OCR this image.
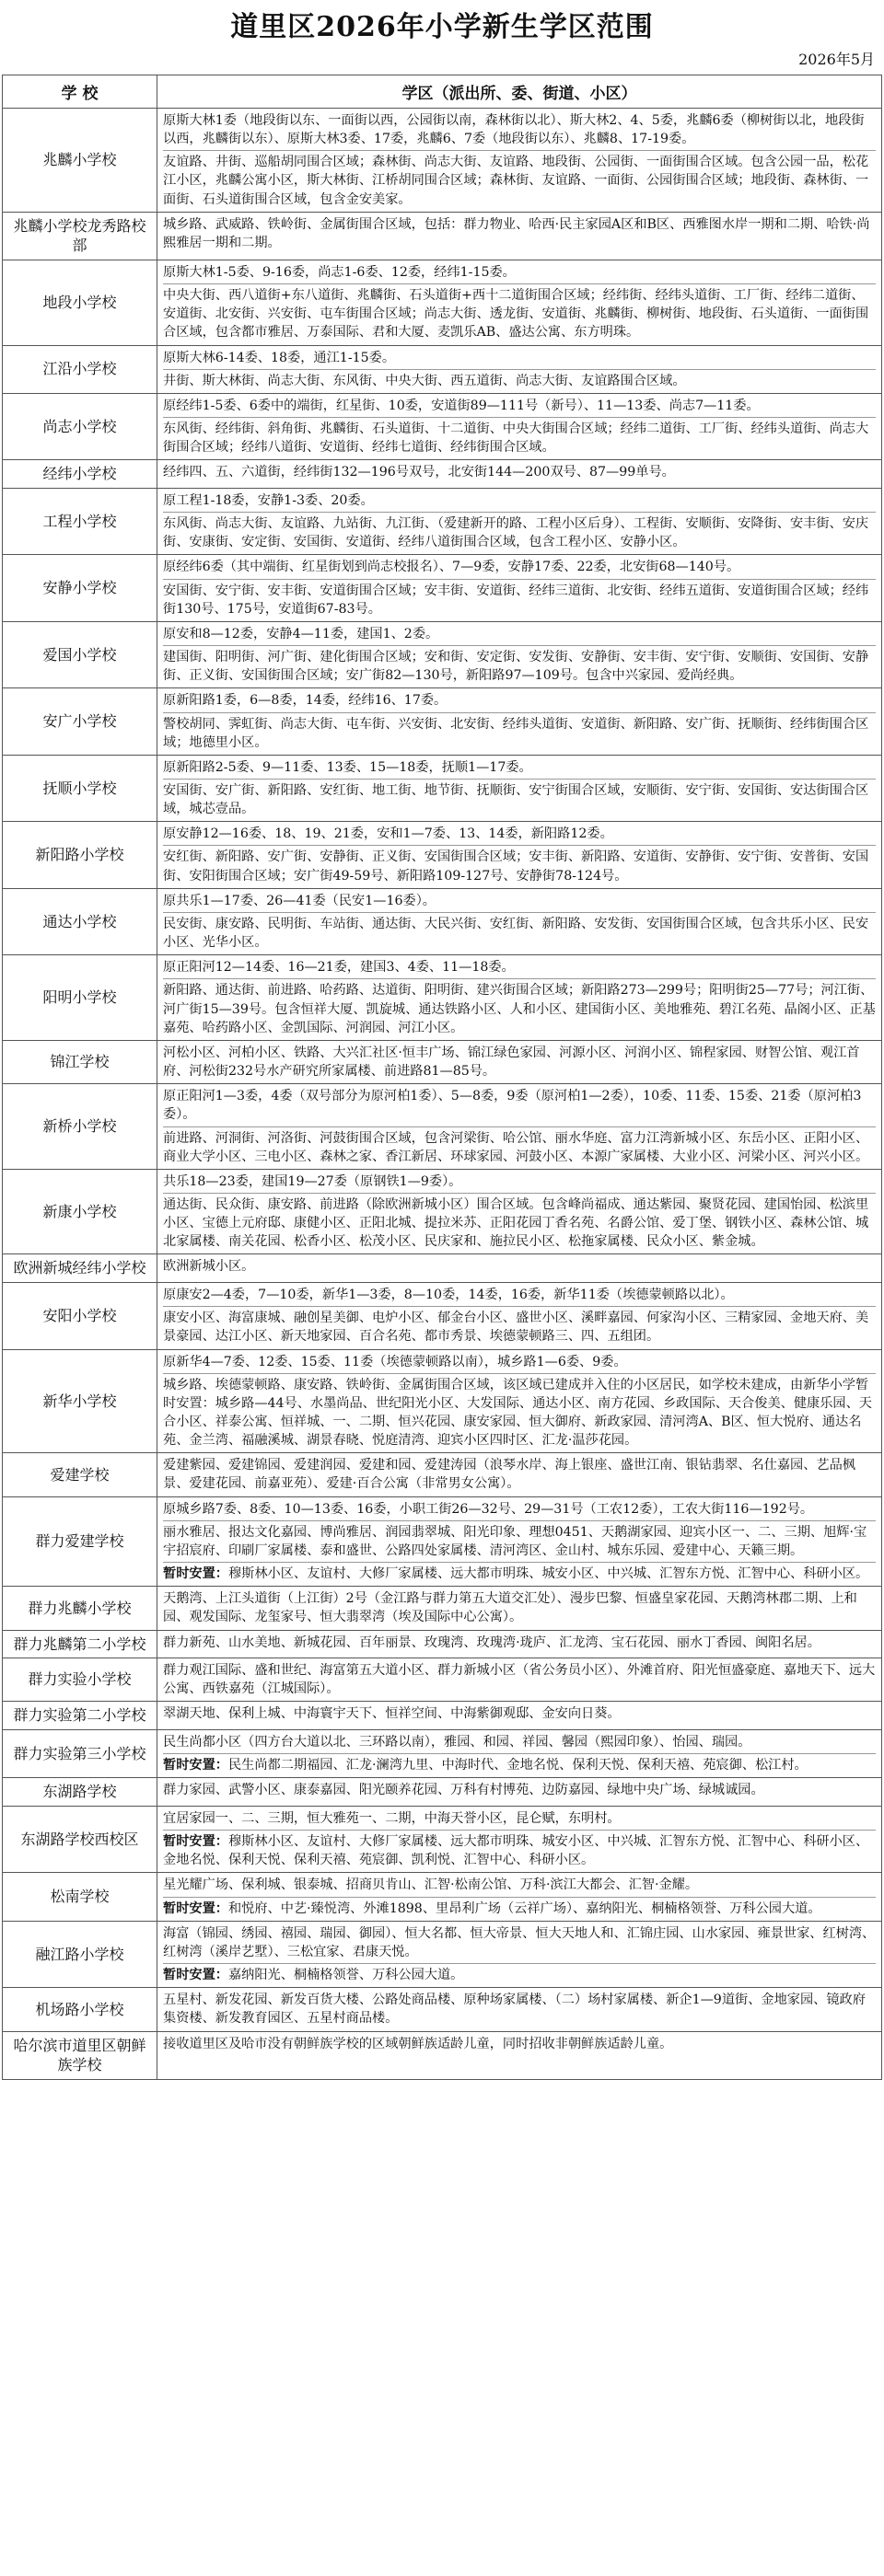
道里区2026年小学新生学区范围
2026年5月
学 校	学区（派出所、委、街道、小区）
兆麟小学校	原斯大林1委（地段街以东、一面街以西，公园街以南，森林街以北）、斯大林2、4、5委，兆麟6委（柳树街以北，地段街以西，兆麟街以东）、原斯大林3委、17委，兆麟6、7委（地段街以东）、兆麟8、17-19委。
友谊路、井街、巡船胡同围合区域；森林街、尚志大街、友谊路、地段街、公园街、一面街围合区域。包含公园一品，松花江小区，兆麟公寓小区，斯大林街、江桥胡同围合区域；森林街、友谊路、一面街、公园街围合区域；地段街、森林街、一面街、石头道街围合区域，包含金安美家。

兆麟小学校龙秀路校部	城乡路、武威路、铁岭街、金属街围合区域，包括：群力物业、哈西·民主家园A区和B区、西雅图水岸一期和二期、哈铁·尚熙雅居一期和二期。

地段小学校	原斯大林1-5委、9-16委，尚志1-6委、12委，经纬1-15委。
中央大街、西八道街+东八道街、兆麟街、石头道街+西十二道街围合区域；经纬街、经纬头道街、工厂街、经纬二道街、安道街、北安街、兴安街、屯车街围合区域；尚志大街、透龙街、安道街、兆麟街、柳树街、地段街、石头道街、一面街围合区域，包含都市雅居、万泰国际、君和大厦、麦凯乐AB、盛达公寓、东方明珠。

江沿小学校	原斯大林6-14委、18委，通江1-15委。
井街、斯大林街、尚志大街、东风街、中央大街、西五道街、尚志大街、友谊路围合区域。

尚志小学校	原经纬1-5委、6委中的端街，红星街、10委，安道街89—111号（新号）、11—13委、尚志7—11委。
东风街、经纬街、斜角街、兆麟街、石头道街、十二道街、中央大街围合区域；经纬二道街、工厂街、经纬头道街、尚志大街围合区域；经纬八道街、安道街、经纬七道街、经纬街围合区域。

经纬小学校	经纬四、五、六道街，经纬街132—196号双号，北安街144—200双号、87—99单号。

工程小学校	原工程1-18委，安静1-3委、20委。
东风街、尚志大街、友谊路、九站街、九江街、（爱建新开的路、工程小区后身）、工程街、安顺街、安降街、安丰街、安庆街、安康街、安定街、安国街、安道街、经纬八道街围合区域，包含工程小区、安静小区。

安静小学校	原经纬6委（其中端街、红星街划到尚志校报名）、7—9委，安静17委、22委，北安街68—140号。
安国街、安宁街、安丰街、安道街围合区域；安丰街、安道街、经纬三道街、北安街、经纬五道街、安道街围合区域；经纬街130号、175号，安道街67-83号。

爱国小学校	原安和8—12委，安静4—11委，建国1、2委。
建国街、阳明街、河广街、建化街围合区域；安和街、安定街、安发街、安静街、安丰街、安宁街、安顺街、安国街、安静街、正义街、安国街围合区域；安广街82—130号，新阳路97—109号。包含中兴家园、爱尚经典。

安广小学校	原新阳路1委，6—8委，14委，经纬16、17委。
警校胡同、霁虹街、尚志大街、屯车街、兴安街、北安街、经纬头道街、安道街、新阳路、安广街、抚顺街、经纬街围合区域；地德里小区。

抚顺小学校	原新阳路2-5委、9—11委、13委、15—18委，抚顺1—17委。
安国街、安广街、新阳路、安红街、地工街、地节街、抚顺街、安宁街围合区域，安顺街、安宁街、安国街、安达街围合区域，城芯壹品。

新阳路小学校	原安静12—16委、18、19、21委，安和1—7委、13、14委，新阳路12委。
安红街、新阳路、安广街、安静街、正义街、安国街围合区域；安丰街、新阳路、安道街、安静街、安宁街、安普街、安国街、安阳街围合区域；安广街49-59号、新阳路109-127号、安静街78-124号。

通达小学校	原共乐1—17委、26—41委（民安1—16委）。
民安街、康安路、民明街、车站街、通达街、大民兴街、安红街、新阳路、安发街、安国街围合区域，包含共乐小区、民安小区、光华小区。

阳明小学校	原正阳河12—14委、16—21委，建国3、4委、11—18委。
新阳路、通达街、前进路、哈药路、达道街、阳明街、建兴街围合区域；新阳路273—299号；阳明街25—77号；河江街、河广街15—39号。包含恒祥大厦、凯旋城、通达铁路小区、人和小区、建国街小区、美地雅苑、碧江名苑、晶阁小区、正基嘉苑、哈药路小区、金凯国际、河润园、河江小区。

锦江学校	河松小区、河柏小区、铁路、大兴汇社区·恒丰广场、锦江绿色家园、河源小区、河润小区、锦程家园、财智公馆、观江首府、河松街232号水产研究所家属楼、前进路81—85号。

新桥小学校	原正阳河1—3委，4委（双号部分为原河柏1委）、5—8委，9委（原河柏1—2委），10委、11委、15委、21委（原河柏3委）。
前进路、河洞街、河洛街、河鼓街围合区域，包含河梁街、哈公馆、丽水华庭、富力江湾新城小区、东岳小区、正阳小区、商业大学小区、三电小区、森林之家、香江新居、环球家园、河鼓小区、本源广家属楼、大业小区、河梁小区、河兴小区。

新康小学校	共乐18—23委，建国19—27委（原钢铁1—9委）。
通达街、民众街、康安路、前进路（除欧洲新城小区）围合区域。包含峰尚福成、通达紫园、聚贤花园、建国怡园、松滨里小区、宝德上元府邸、康健小区、正阳北城、提拉米苏、正阳花园丁香名苑、名爵公馆、爱丁堡、钢铁小区、森林公馆、城北家属楼、南关花园、松香小区、松茂小区、民庆家和、施拉民小区、松拖家属楼、民众小区、紫金城。

欧洲新城经纬小学校	欧洲新城小区。

安阳小学校	原康安2—4委，7—10委，新华1—3委，8—10委，14委，16委，新华11委（埃德蒙顿路以北）。
康安小区、海富康城、融创星美御、电炉小区、郁金台小区、盛世小区、溪畔嘉园、何家沟小区、三精家园、金地天府、美景豪园、达江小区、新天地家园、百合名苑、都市秀景、埃德蒙顿路三、四、五组团。

新华小学校	原新华4—7委、12委、15委、11委（埃德蒙顿路以南），城乡路1—6委、9委。
城乡路、埃德蒙顿路、康安路、铁岭街、金属街围合区域，该区域已建成并入住的小区居民，如学校未建成，由新华小学暂时安置：城乡路—44号、水墨尚品、世纪阳光小区、大发国际、通达小区、南方花园、乡政国际、天合俊美、健康乐园、天合小区、祥泰公寓、恒祥城、一、二期、恒兴花园、康安家园、恒大御府、新政家园、清河湾A、B区、恒大悦府、通达名苑、金兰湾、福融溪城、湖景春晓、悦庭清湾、迎宾小区四时区、汇龙·温莎花园。

爱建学校	爱建紫园、爱建锦园、爱建润园、爱建和园、爱建涛园（浪琴水岸、海上银座、盛世江南、银钻翡翠、名仕嘉园、艺品枫景、爱建花园、前嘉亚苑）、爱建·百合公寓（非常男女公寓）。

群力爱建学校	原城乡路7委、8委、10—13委、16委，小职工街26—32号、29—31号（工农12委），工农大街116—192号。
丽水雅居、报达文化嘉园、博尚雅居、润园翡翠城、阳光印象、理想0451、天鹅湖家园、迎宾小区一、二、三期、旭辉·宝宇招宸府、印刷厂家属楼、泰和盛世、公路四处家属楼、清河湾区、金山村、城东乐园、爱建中心、天籁三期。
暂时安置：穆斯林小区、友谊村、大修厂家属楼、远大都市明珠、城安小区、中兴城、汇智东方悦、汇智中心、科研小区。

群力兆麟小学校	天鹅湾、上江头道街（上江街）2号（金江路与群力第五大道交汇处）、漫步巴黎、恒盛皇家花园、天鹅湾林郡二期、上和园、观发国际、龙玺家号、恒大翡翠湾（埃及国际中心公寓）。

群力兆麟第二小学校	群力新苑、山水美地、新城花园、百年丽景、玫瑰湾、玫瑰湾·珑庐、汇龙湾、宝石花园、丽水丁香园、闽阳名居。

群力实验小学校	群力观江国际、盛和世纪、海富第五大道小区、群力新城小区（省公务员小区）、外滩首府、阳光恒盛豪庭、嘉地天下、远大公寓、西铁嘉苑（江城国际）。

群力实验第二小学校	翠湖天地、保利上城、中海寰宇天下、恒祥空间、中海紫御观邸、金安向日葵。

群力实验第三小学校	民生尚都小区（四方台大道以北、三环路以南），雅园、和园、祥园、馨园（熙园印象）、怡园、瑞园。
暂时安置：民生尚都二期福园、汇龙·澜湾九里、中海时代、金地名悦、保利天悦、保利天禧、苑宸御、松江村。

东湖路学校	群力家园、武警小区、康泰嘉园、阳光颐养花园、万科有村博苑、边防嘉园、绿地中央广场、绿城诚园。

东湖路学校西校区	宜居家园一、二、三期，恒大雅苑一、二期，中海天誉小区，昆仑赋，东明村。
暂时安置：穆斯林小区、友谊村、大修厂家属楼、远大都市明珠、城安小区、中兴城、汇智东方悦、汇智中心、科研小区、金地名悦、保利天悦、保利天禧、苑宸御、凯利悦、汇智中心、科研小区。

松南学校	星光耀广场、保利城、银泰城、招商贝肯山、汇智·松南公馆、万科·滨江大都会、汇智·金耀。
暂时安置：和悦府、中艺·臻悦湾、外滩1898、里昂利广场（云祥广场）、嘉纳阳光、桐楠格领誉、万科公园大道。

融江路小学校	海富（锦园、绣园、禧园、瑞园、御园）、恒大名都、恒大帝景、恒大天地人和、汇锦庄园、山水家园、雍景世家、红树湾、红树湾（溪岸艺墅）、三松宜家、君康天悦。
暂时安置：嘉纳阳光、桐楠格领誉、万科公园大道。

机场路小学校	五星村、新发花园、新发百货大楼、公路处商品楼、原种场家属楼、（二）场村家属楼、新企1—9道街、金地家园、镜政府集资楼、新发教育园区、五星村商品楼。

哈尔滨市道里区朝鲜族学校	接收道里区及哈市没有朝鲜族学校的区域朝鲜族适龄儿童，同时招收非朝鲜族适龄儿童。
